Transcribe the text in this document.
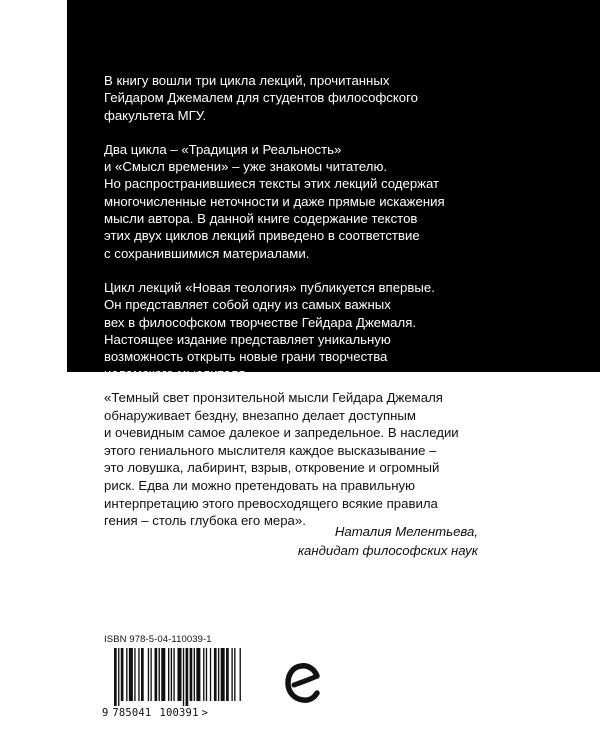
В книгу вошли три цикла лекций, прочитанных
Гейдаром Джемалем для студентов философского
факультета МГУ.

Два цикла – «Традиция и Реальность»
и «Смысл времени» – уже знакомы читателю.
Но распространившиеся тексты этих лекций содержат
многочисленные неточности и даже прямые искажения
мысли автора. В данной книге содержание текстов
этих двух циклов лекций приведено в соответствие
с сохранившимися материалами.

Цикл лекций «Новая теология» публикуется впервые.
Он представляет собой одну из самых важных
вех в философском творчестве Гейдара Джемаля.
Настоящее издание представляет уникальную
возможность открыть новые грани творчества
исламского мыслителя.

«Темный свет пронзительной мысли Гейдара Джемаля
обнаруживает бездну, внезапно делает доступным
и очевидным самое далекое и запредельное. В наследии
этого гениального мыслителя каждое высказывание –
это ловушка, лабиринт, взрыв, откровение и огромный
риск. Едва ли можно претендовать на правильную
интерпретацию этого превосходящего всякие правила
гения – столь глубока его мера».
Наталия Мелентьева,
кандидат философских наук
ISBN 978-5-04-110039-1
9 785041 100391 >
